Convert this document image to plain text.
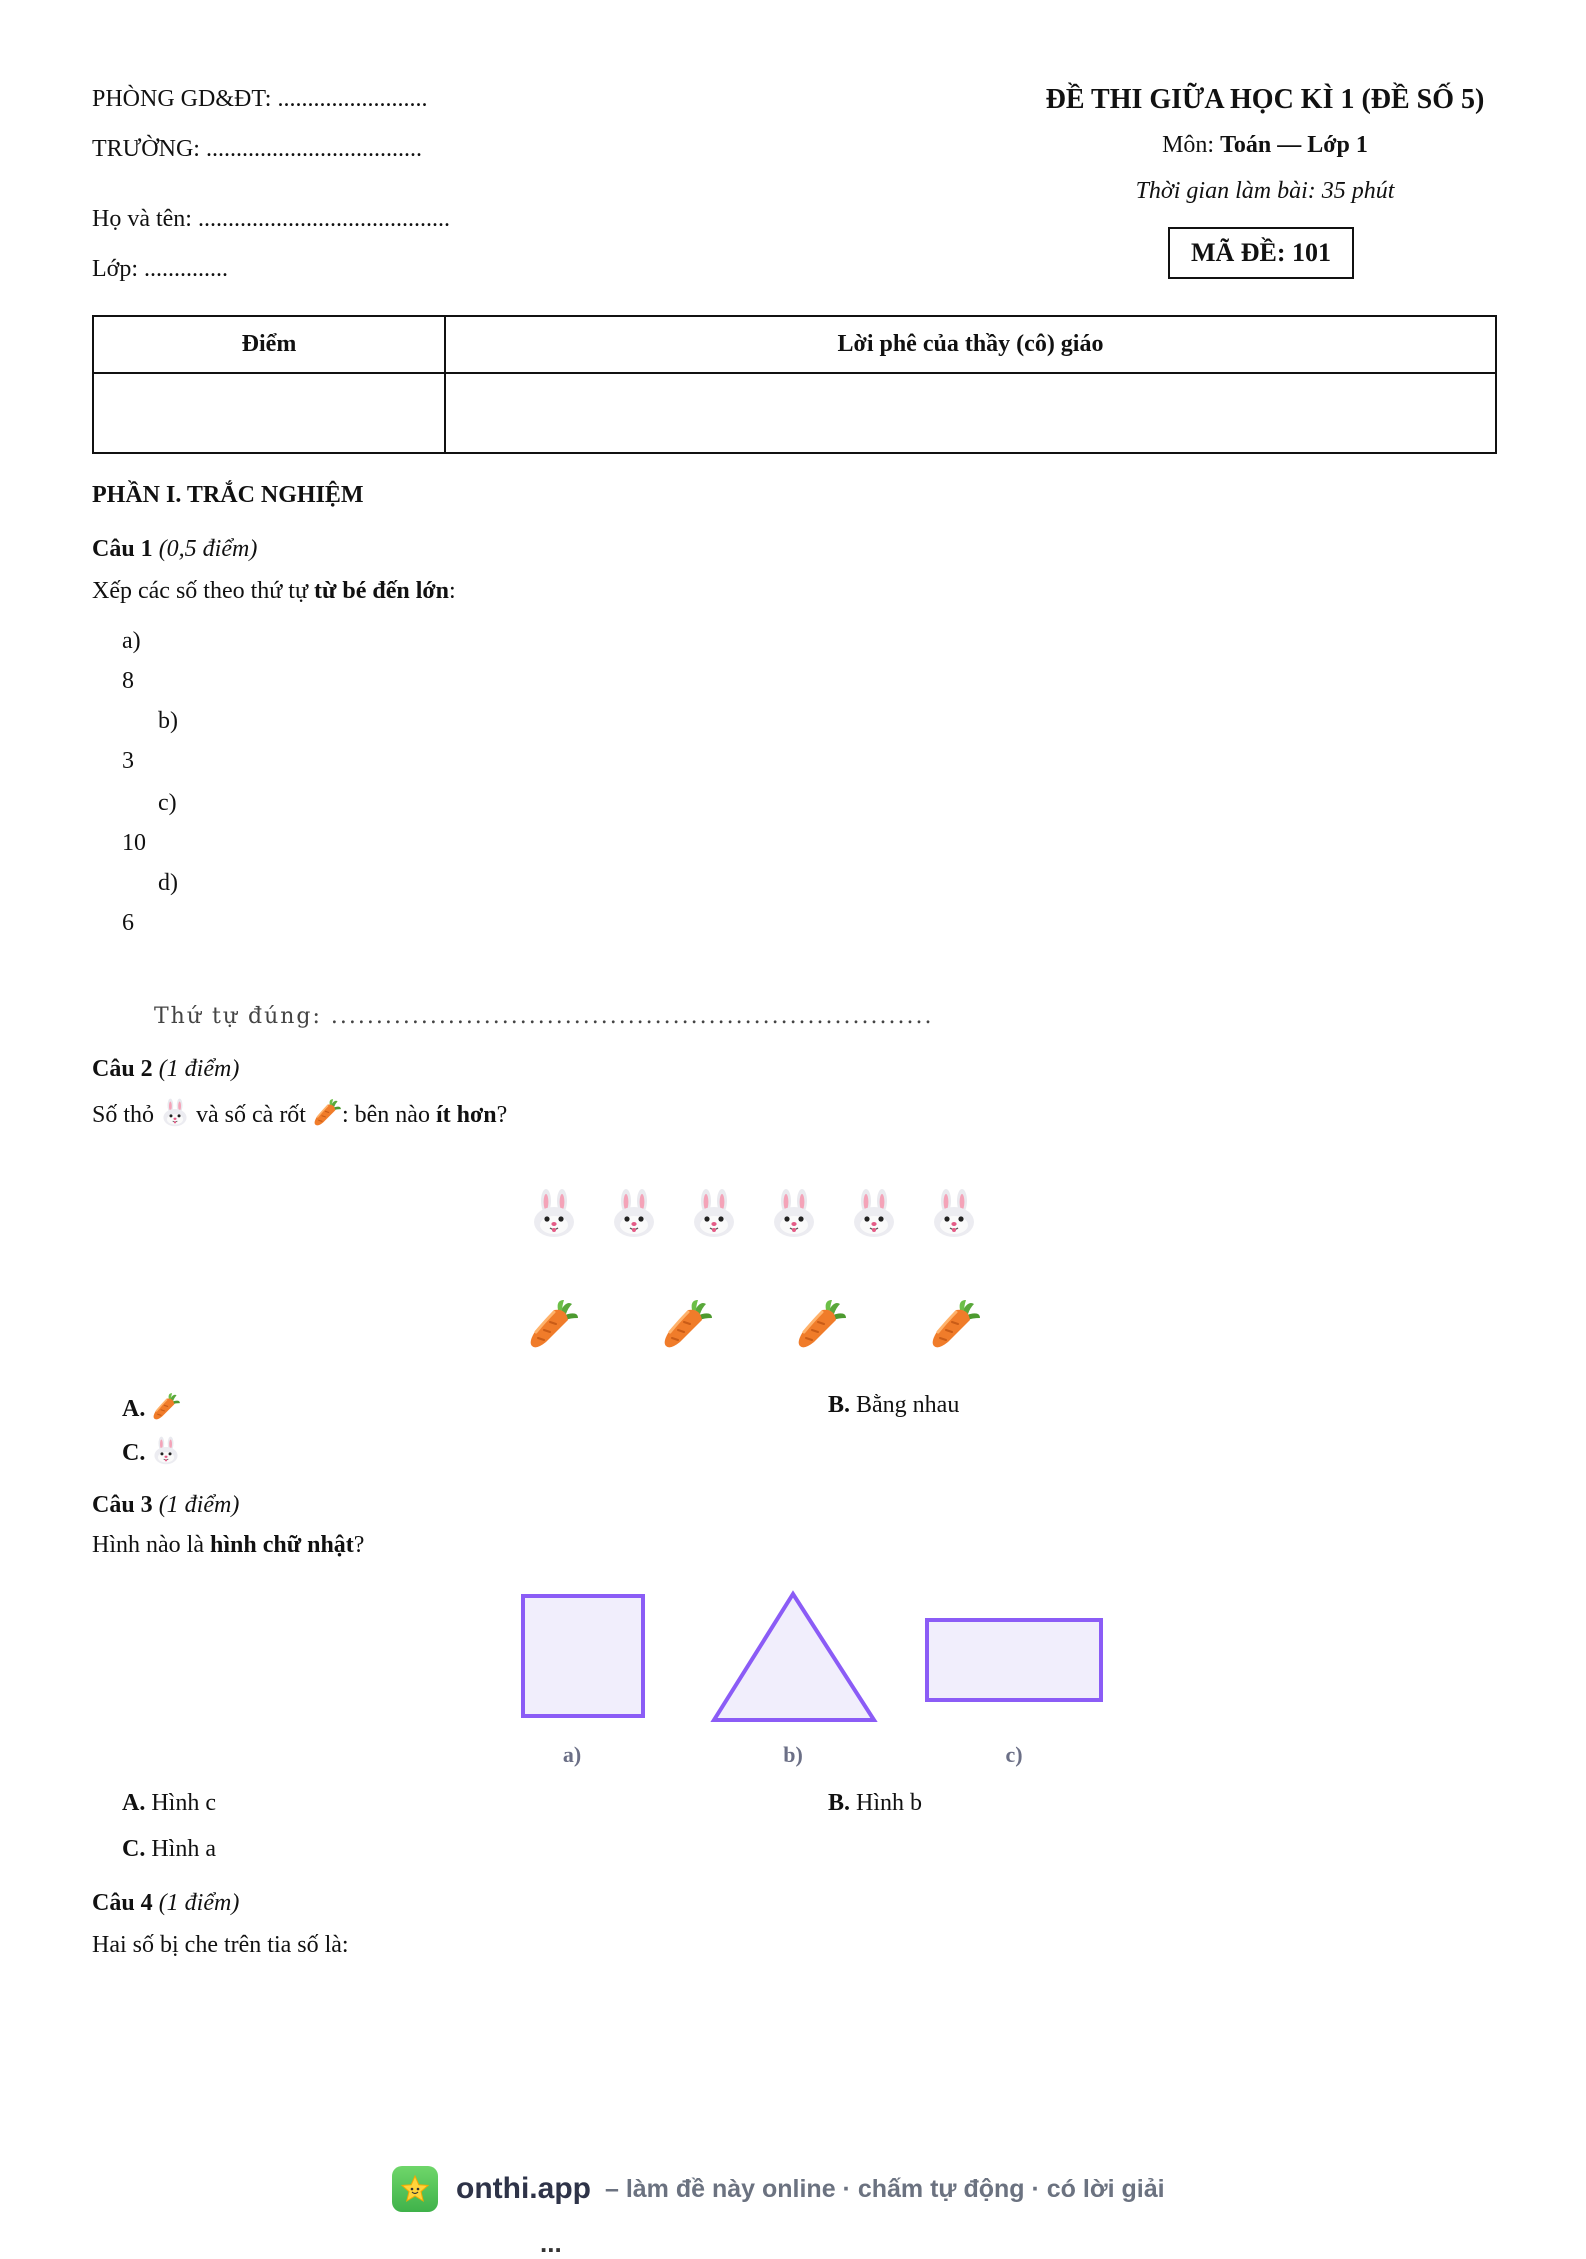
PHÒNG GD&ĐT: .........................
TRƯỜNG: ....................................
Họ và tên: ..........................................
Lớp: ..............
ĐỀ THI GIỮA HỌC KÌ 1 (ĐỀ SỐ 5)
Môn: Toán — Lớp 1
Thời gian làm bài: 35 phút
MÃ ĐỀ: 101
Điểm	Lời phê của thầy (cô) giáo

PHẦN I. TRẮC NGHIỆM
Câu 1 (0,5 điểm)
Xếp các số theo thứ tự từ bé đến lớn:
a)
8
b)
3
c)
10
d)
6
Thứ tự đúng: ...................................................................
Câu 2 (1 điểm)
Số thỏ và số cà rốt : bên nào ít hơn?
A.	B. Bằng nhau
C.
Câu 3 (1 điểm)
Hình nào là hình chữ nhật?
a)	b)	c)
A. Hình c	B. Hình b
C. Hình a
Câu 4 (1 điểm)
Hai số bị che trên tia số là:
onthi.app – làm đề này online · chấm tự động · có lời giải
...
